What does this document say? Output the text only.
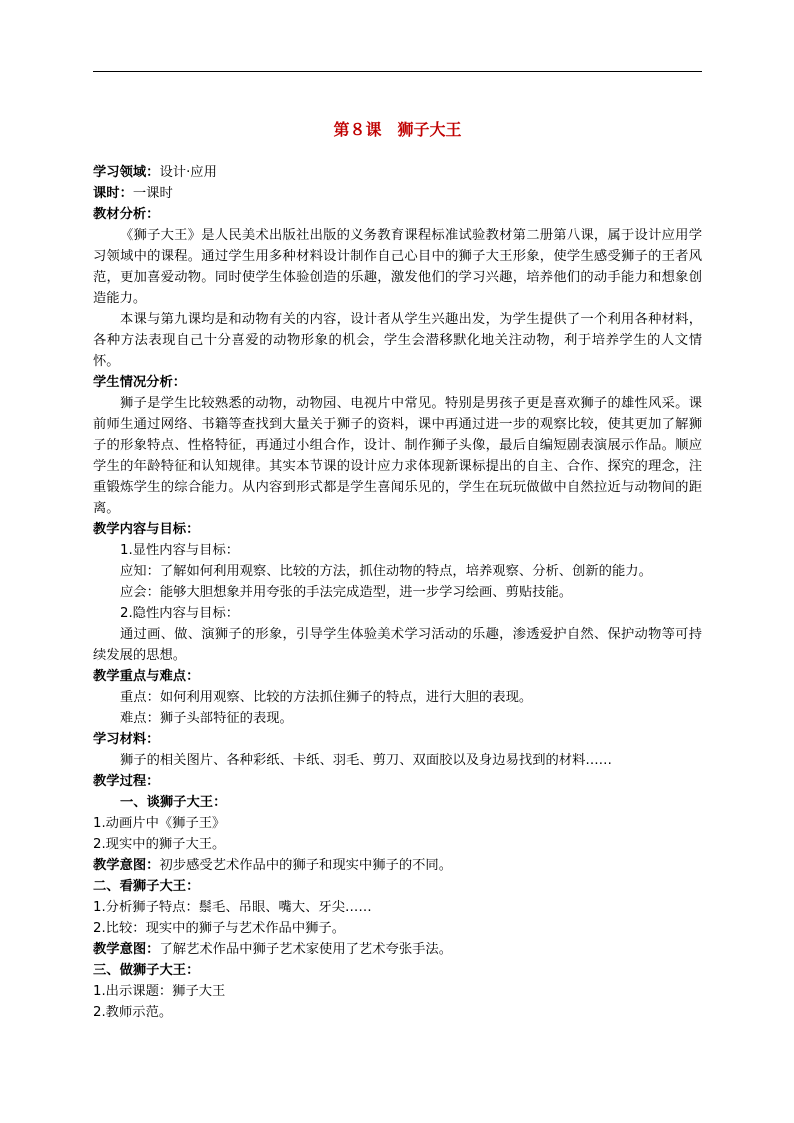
第８课　狮子大王

学习领域：设计·应用

课时：一课时

教材分析：

《狮子大王》是人民美术出版社出版的义务教育课程标准试验教材第二册第八课，属于设计应用学习领域中的课程。通过学生用多种材料设计制作自己心目中的狮子大王形象，使学生感受狮子的王者风范，更加喜爱动物。同时使学生体验创造的乐趣，激发他们的学习兴趣，培养他们的动手能力和想象创造能力。

本课与第九课均是和动物有关的内容，设计者从学生兴趣出发，为学生提供了一个利用各种材料，各种方法表现自己十分喜爱的动物形象的机会，学生会潜移默化地关注动物，利于培养学生的人文情怀。

学生情况分析：

狮子是学生比较熟悉的动物，动物园、电视片中常见。特别是男孩子更是喜欢狮子的雄性风采。课前师生通过网络、书籍等查找到大量关于狮子的资料，课中再通过进一步的观察比较，使其更加了解狮子的形象特点、性格特征，再通过小组合作，设计、制作狮子头像，最后自编短剧表演展示作品。顺应学生的年龄特征和认知规律。其实本节课的设计应力求体现新课标提出的自主、合作、探究的理念，注重锻炼学生的综合能力。从内容到形式都是学生喜闻乐见的，学生在玩玩做做中自然拉近与动物间的距离。

教学内容与目标：

1.显性内容与目标：

应知：了解如何利用观察、比较的方法，抓住动物的特点，培养观察、分析、创新的能力。

应会：能够大胆想象并用夸张的手法完成造型，进一步学习绘画、剪贴技能。

2.隐性内容与目标：

通过画、做、演狮子的形象，引导学生体验美术学习活动的乐趣，渗透爱护自然、保护动物等可持续发展的思想。

教学重点与难点：

重点：如何利用观察、比较的方法抓住狮子的特点，进行大胆的表现。

难点：狮子头部特征的表现。

学习材料：

狮子的相关图片、各种彩纸、卡纸、羽毛、剪刀、双面胶以及身边易找到的材料……

教学过程：

一、谈狮子大王：

1.动画片中《狮子王》

2.现实中的狮子大王。

教学意图：初步感受艺术作品中的狮子和现实中狮子的不同。

二、看狮子大王：

1.分析狮子特点：鬃毛、吊眼、嘴大、牙尖……

2.比较：现实中的狮子与艺术作品中狮子。

教学意图：了解艺术作品中狮子艺术家使用了艺术夸张手法。

三、做狮子大王：

1.出示课题：狮子大王

2.教师示范。
